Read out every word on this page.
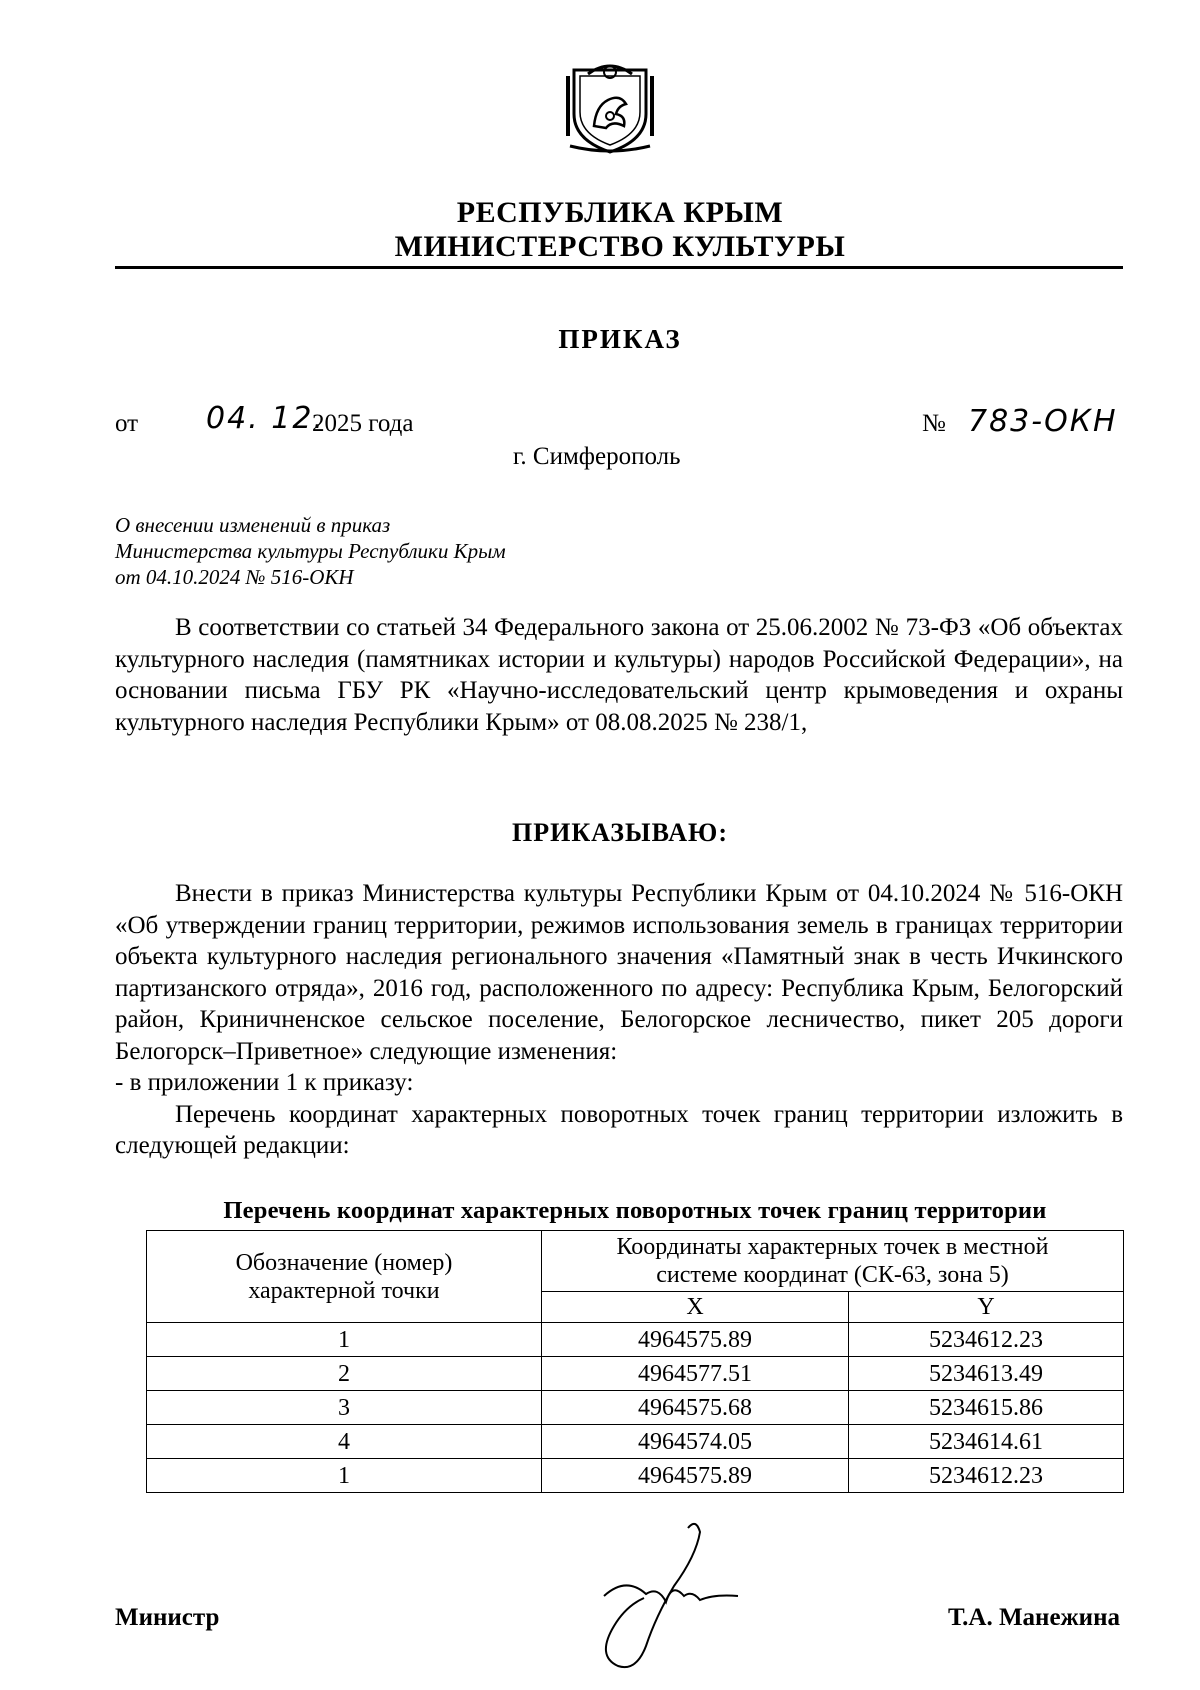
РЕСПУБЛИКА КРЫМ
МИНИСТЕРСТВО КУЛЬТУРЫ
ПРИКАЗ
от 04. 12.
2025 года	№ 783-ОКН
г. Симферополь
О внесении изменений в приказ
Министерства культуры Республики Крым
от 04.10.2024 № 516-ОКН
В соответствии со статьей 34 Федерального закона от 25.06.2002 № 73-ФЗ «Об объектах культурного наследия (памятниках истории и культуры) народов Российской Федерации», на основании письма ГБУ РК «Научно-исследовательский центр крымоведения и охраны культурного наследия Республики Крым» от 08.08.2025 № 238/1,
ПРИКАЗЫВАЮ:
Внести в приказ Министерства культуры Республики Крым от 04.10.2024 № 516-ОКН «Об утверждении границ территории, режимов использования земель в границах территории объекта культурного наследия регионального значения «Памятный знак в честь Ичкинского партизанского отряда», 2016 год, расположенного по адресу: Республика Крым, Белогорский район, Криничненское сельское поселение, Белогорское лесничество, пикет 205 дороги Белогорск–Приветное» следующие изменения:
- в приложении 1 к приказу:
Перечень координат характерных поворотных точек границ территории изложить в следующей редакции:
Перечень координат характерных поворотных точек границ территории
Обозначение (номер) характерной точки	Координаты характерных точек в местной системе координат (СК-63, зона 5)	
	X	Y
1	4964575.89	5234612.23
2	4964577.51	5234613.49
3	4964575.68	5234615.86
4	4964574.05	5234614.61
1	4964575.89	5234612.23
Министр	Т.А. Манежина
